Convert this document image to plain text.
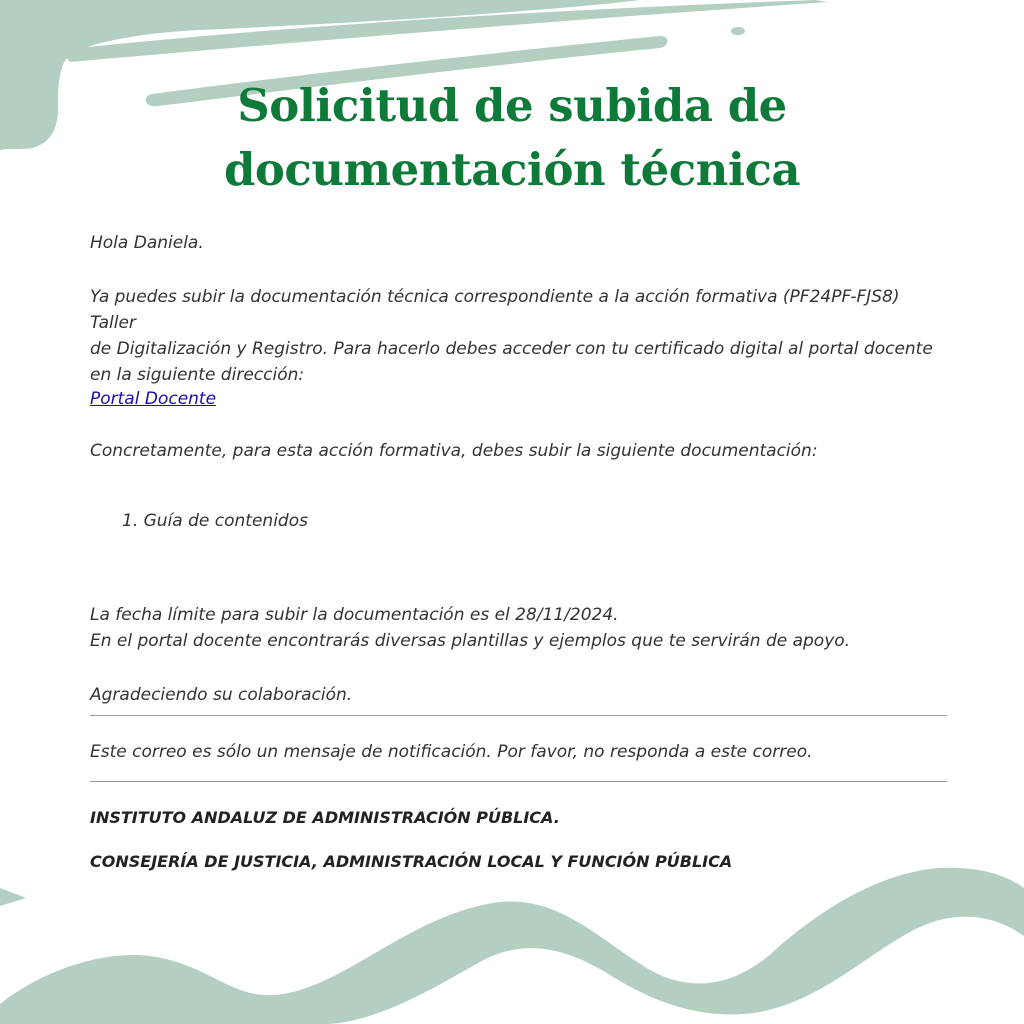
Solicitud de subida de
documentación técnica

Hola Daniela.

Ya puedes subir la documentación técnica correspondiente a la acción formativa (PF24PF-FJS8) Taller
de Digitalización y Registro. Para hacerlo debes acceder con tu certificado digital al portal docente
en la siguiente dirección:

Portal Docente

Concretamente, para esta acción formativa, debes subir la siguiente documentación:

1. Guía de contenidos

La fecha límite para subir la documentación es el 28/11/2024.
En el portal docente encontrarás diversas plantillas y ejemplos que te servirán de apoyo.

Agradeciendo su colaboración.

Este correo es sólo un mensaje de notificación. Por favor, no responda a este correo.

INSTITUTO ANDALUZ DE ADMINISTRACIÓN PÚBLICA.

CONSEJERÍA DE JUSTICIA, ADMINISTRACIÓN LOCAL Y FUNCIÓN PÚBLICA
